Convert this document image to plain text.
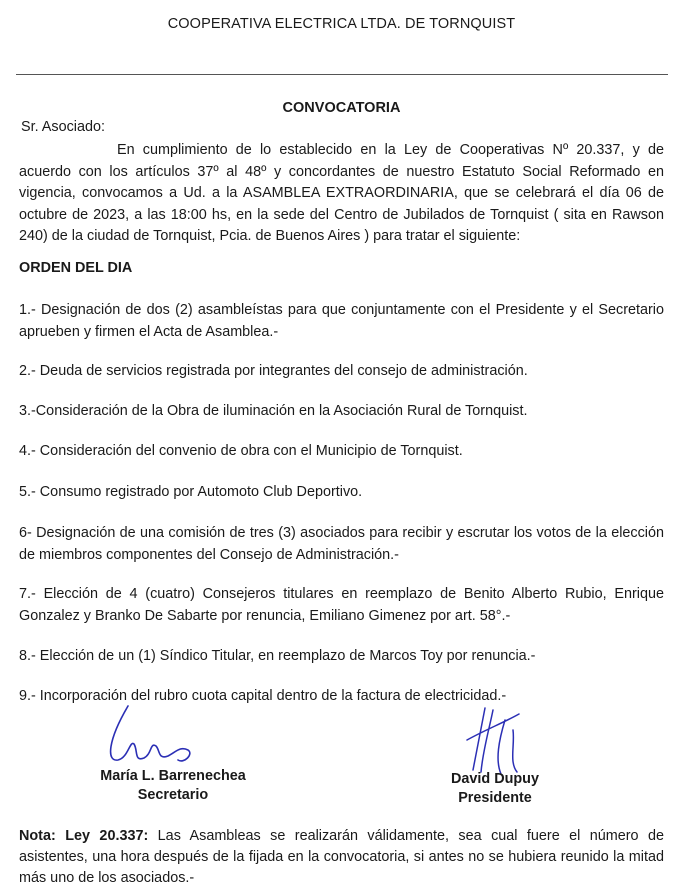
COOPERATIVA ELECTRICA LTDA. DE TORNQUIST
CONVOCATORIA
Sr. Asociado:
En cumplimiento de lo establecido en la Ley de Cooperativas Nº 20.337, y de acuerdo con los artículos 37º al 48º y concordantes de nuestro Estatuto Social Reformado en vigencia, convocamos a Ud. a la ASAMBLEA EXTRAORDINARIA, que se celebrará el día 06 de octubre de 2023, a las 18:00 hs, en la sede del Centro de Jubilados de Tornquist ( sita en Rawson 240) de la ciudad de Tornquist, Pcia. de Buenos Aires ) para tratar el siguiente:
ORDEN DEL DIA
1.- Designación de dos (2) asambleístas para que conjuntamente con el Presidente y el Secretario aprueben y firmen el Acta de Asamblea.-
2.- Deuda de servicios registrada por integrantes del consejo de administración.
3.-Consideración de la Obra de iluminación en la Asociación Rural de Tornquist.
4.- Consideración del convenio de obra con el Municipio de Tornquist.
5.- Consumo registrado por Automoto Club Deportivo.
6- Designación de una comisión de tres (3) asociados para recibir y escrutar los votos de la elección de miembros componentes del Consejo de Administración.-
7.- Elección de 4 (cuatro) Consejeros titulares en reemplazo de Benito Alberto Rubio, Enrique Gonzalez y Branko De Sabarte por renuncia, Emiliano Gimenez por art. 58°.-
8.- Elección de un (1) Síndico Titular, en reemplazo de Marcos Toy por renuncia.-
9.- Incorporación del rubro cuota capital dentro de la factura de electricidad.-
María L. Barrenechea
Secretario
David Dupuy
Presidente
Nota: Ley 20.337: Las Asambleas se realizarán válidamente, sea cual fuere el número de asistentes, una hora después de la fijada en la convocatoria, si antes no se hubiera reunido la mitad más uno de los asociados.-
